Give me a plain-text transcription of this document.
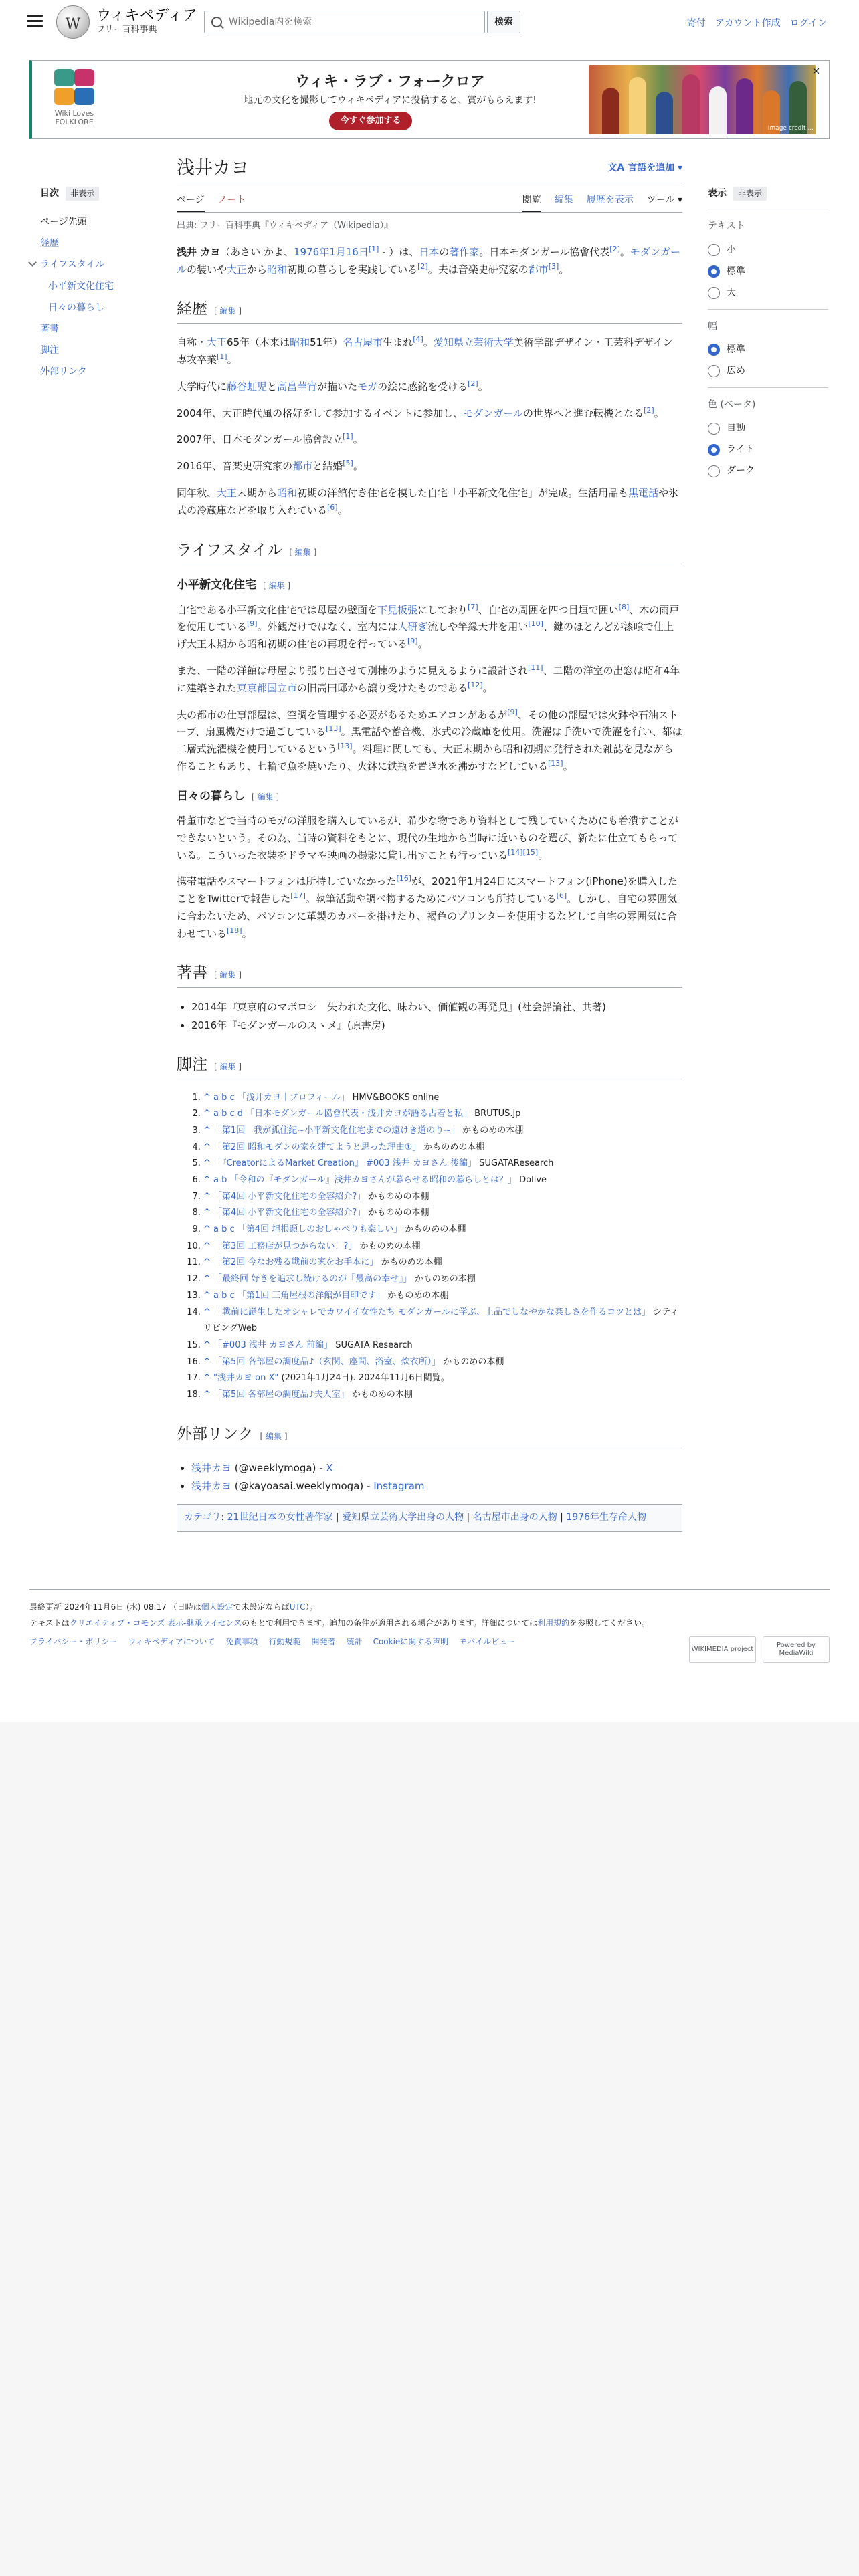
W
ウィキペディア
フリー百科事典
Wikipedia内を検索
検索	寄付 アカウント作成 ログイン
Wiki Loves FOLKLORE
ウィキ・ラブ・フォークロア
地元の文化を撮影してウィキペディアに投稿すると、賞がもらえます!
今すぐ参加する
Image credit ...
×
目次	非表示
ページ先頭
経歴
ライフスタイル
小平新文化住宅
日々の暮らし
著書
脚注
外部リンク
表示	非表示
テキスト
小
標準
大
幅
標準
広め
色 (ベータ)
自動
ライト
ダーク
浅井カヨ	文A 言語を追加 ▾
ページ ノート	閲覧 編集 履歴を表示 ツール ▾
出典: フリー百科事典『ウィキペディア（Wikipedia）』

浅井 カヨ（あさい かよ、1976年1月16日[1] - ）は、日本の著作家。日本モダンガール協會代表[2]。モダンガールの装いや大正から昭和初期の暮らしを実践している[2]。夫は音楽史研究家の都市[3]。

経歴 [ 編集 ]

自称・大正65年（本来は昭和51年）名古屋市生まれ[4]。愛知県立芸術大学美術学部デザイン・工芸科デザイン専攻卒業[1]。

大学時代に藤谷虹児と高畠華宵が描いたモガの絵に感銘を受ける[2]。

2004年、大正時代風の格好をして参加するイベントに参加し、モダンガールの世界へと進む転機となる[2]。

2007年、日本モダンガール協會設立[1]。

2016年、音楽史研究家の都市と結婚[5]。

同年秋、大正末期から昭和初期の洋館付き住宅を模した自宅「小平新文化住宅」が完成。生活用品も黒電話や氷式の冷蔵庫などを取り入れている[6]。

ライフスタイル [ 編集 ]
小平新文化住宅 [ 編集 ]

自宅である小平新文化住宅では母屋の壁面を下見板張にしており[7]、自宅の周囲を四つ目垣で囲い[8]、木の雨戸を使用している[9]。外観だけではなく、室内には人研ぎ流しや竿縁天井を用い[10]、鍵のほとんどが漆喰で仕上げ大正末期から昭和初期の住宅の再現を行っている[9]。

また、一階の洋館は母屋より張り出させて別棟のように見えるように設計され[11]、二階の洋室の出窓は昭和4年に建築された東京都国立市の旧高田邸から譲り受けたものである[12]。

夫の都市の仕事部屋は、空調を管理する必要があるためエアコンがあるが[9]、その他の部屋では火鉢や石油ストーブ、扇風機だけで過ごしている[13]。黒電話や蓄音機、氷式の冷蔵庫を使用。洗濯は手洗いで洗濯を行い、都は二層式洗濯機を使用しているという[13]。料理に関しても、大正末期から昭和初期に発行された雑誌を見ながら作ることもあり、七輪で魚を焼いたり、火鉢に鉄瓶を置き水を沸かすなどしている[13]。

日々の暮らし [ 編集 ]

骨董市などで当時のモガの洋服を購入しているが、希少な物であり資料として残していくためにも着潰すことができないという。その為、当時の資料をもとに、現代の生地から当時に近いものを選び、新たに仕立てもらっている。こういった衣装をドラマや映画の撮影に貸し出すことも行っている[14][15]。

携帯電話やスマートフォンは所持していなかった[16]が、2021年1月24日にスマートフォン(iPhone)を購入したことをTwitterで報告した[17]。執筆活動や調べ物するためにパソコンも所持している[6]。しかし、自宅の雰囲気に合わないため、パソコンに革製のカバーを掛けたり、褐色のプリンターを使用するなどして自宅の雰囲気に合わせている[18]。

著書 [ 編集 ]
• 2014年『東京府のマボロシ　失われた文化、味わい、価値観の再発見』(社会評論社、共著)
• 2016年『モダンガールのスヽメ』(原書房)
脚注 [ 編集 ]
1. ^ a b c 「浅井カヨ｜プロフィール」 HMV&BOOKS online
2. ^ a b c d 「日本モダンガール協會代表・浅井カヨが語る古着と私」 BRUTUS.jp
3. ^ 「第1回　我が孤住紀~小平新文化住宅までの遠けき道のり~」 かものめの本棚
4. ^ 「第2回 昭和モダンの家を建てようと思った理由①」 かものめの本棚
5. ^ 「『CreatorによるMarket Creation』 #003 浅井 カヨさん 後編」 SUGATAResearch
6. ^ a b 「令和の『モダンガール』浅井カヨさんが暮らせる昭和の暮らしとは？」 Dolive
7. ^ 「第4回 小平新文化住宅の全容紹介?」 かものめの本棚
8. ^ 「第4回 小平新文化住宅の全容紹介?」 かものめの本棚
9. ^ a b c 「第4回 坦根顕しのおしゃべりも楽しい」 かものめの本棚
10. ^ 「第3回 工務店が見つからない！?」 かものめの本棚
11. ^ 「第2回 今なお残る戦前の家をお手本に」 かものめの本棚
12. ^ 「最終回 好きを追求し続けるのが『最高の幸せ』」 かものめの本棚
13. ^ a b c 「第1回 三角屋根の洋館が目印です」 かものめの本棚
14. ^ 「戦前に誕生したオシャレでカワイイ女性たち モダンガールに学ぶ、上品でしなやかな楽しさを作るコツとは」 シティリビングWeb
15. ^ 「#003 浅井 カヨさん 前編」 SUGATA Research
16. ^ 「第5回 各部屋の調度品♪（玄関、座間、浴室、炊衣所）」 かものめの本棚
17. ^ "浅井カヨ on X" (2021年1月24日). 2024年11月6日閲覧。
18. ^ 「第5回 各部屋の調度品♪夫人室」 かものめの本棚
外部リンク [ 編集 ]
• 浅井カヨ (@weeklymoga) - X
• 浅井カヨ (@kayoasai.weeklymoga) - Instagram
カテゴリ: 21世紀日本の女性著作家 | 愛知県立芸術大学出身の人物 | 名古屋市出身の人物 | 1976年生存命人物
最終更新 2024年11月6日 (水) 08:17 （日時は個人設定で未設定ならばUTC）。
テキストはクリエイティブ・コモンズ 表示-継承ライセンスのもとで利用できます。追加の条件が適用される場合があります。詳細については利用規約を参照してください。
プライバシー・ポリシー ウィキペディアについて 免責事項 行動規範 開発者 統計 Cookieに関する声明 モバイルビュー
WIKIMEDIA project
Powered by MediaWiki
